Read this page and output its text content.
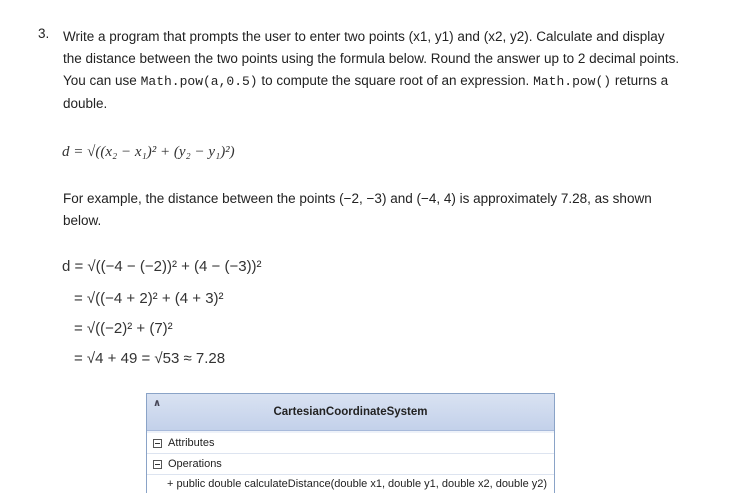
3. Write a program that prompts the user to enter two points (x1, y1) and (x2, y2). Calculate and display the distance between the two points using the formula below. Round the answer up to 2 decimal points. You can use Math.pow(a,0.5) to compute the square root of an expression. Math.pow() returns a double.
d = √((x₂ − x₁)² + (y₂ − y₁)²)
For example, the distance between the points (−2, −3) and (−4, 4) is approximately 7.28, as shown below.
d = √((−4 − (−2))² + (4 − (−3))²
= √((−4 + 2)² + (4 + 3)²
= √((−2)² + (7)²
= √4 + 49 = √53 ≈ 7.28
∧
CartesianCoordinateSystem
Attributes
Operations
+ public double calculateDistance(double x1, double y1, double x2, double y2)
